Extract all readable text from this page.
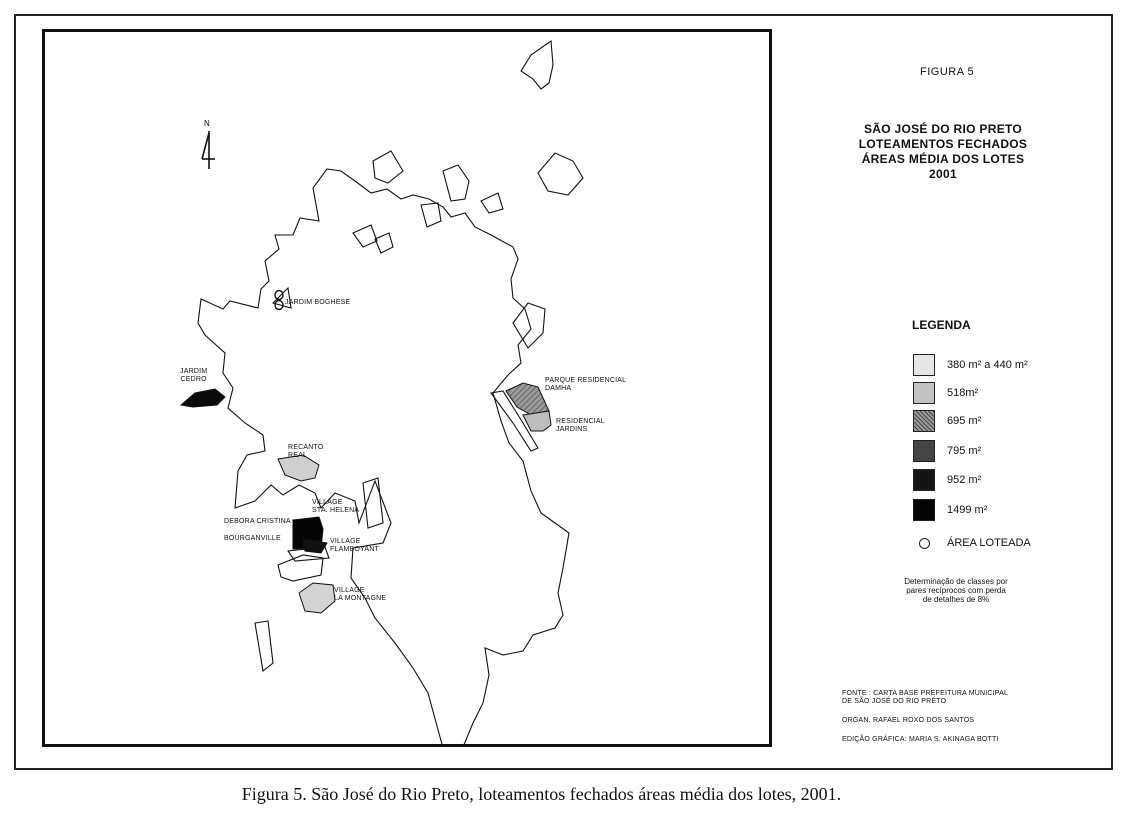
N
JARDIM BOGHESE
JARDIM
CEDRO	PARQUE RESIDENCIAL
DAMHA
RESIDENCIAL
JARDINS
RECANTO
REAL
VILLAGE
STA. HELENA
DEBORA CRISTINA
BOURGANVILLE	VILLAGE
FLAMBOYANT
VILLAGE
LA MONTAGNE
FIGURA 5
SÃO JOSÉ DO RIO PRETO
LOTEAMENTOS FECHADOS
ÁREAS MÉDIA DOS LOTES
2001
LEGENDA
380 m² a 440 m²
518m²
695 m²
795 m²
952 m²
1499 m²
ÁREA LOTEADA
Determinação de classes por
pares recíprocos com perda
de detalhes de 8%
FONTE : CARTA BASE PREFEITURA MUNICIPAL
DE SÃO JOSÉ DO RIO PRETO
ORGAN. RAFAEL ROXO DOS SANTOS
EDIÇÃO GRÁFICA: MARIA S. AKINAGA BOTTI
Figura 5. São José do Rio Preto, loteamentos fechados áreas média dos lotes, 2001.
